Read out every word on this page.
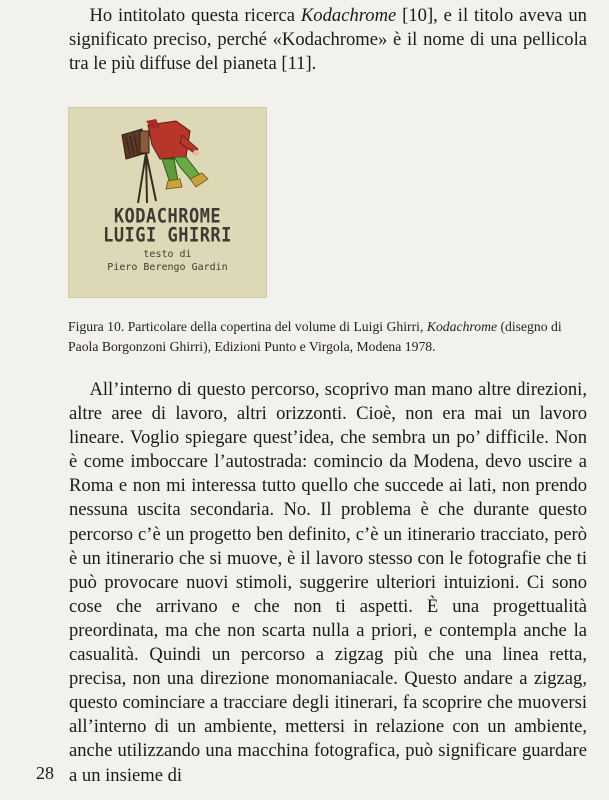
Ho intitolato questa ricerca Kodachrome [10], e il titolo aveva un significato preciso, perché «Kodachrome» è il nome di una pellicola tra le più diffuse del pianeta [11].

KODACHROME
LUIGI GHIRRI
testo di
Piero Berengo Gardin

Figura 10. Particolare della copertina del volume di Luigi Ghirri, Kodachrome (disegno di Paola Borgonzoni Ghirri), Edizioni Punto e Virgola, Modena 1978.

All’interno di questo percorso, scoprivo man mano altre direzioni, altre aree di lavoro, altri orizzonti. Cioè, non era mai un lavoro lineare. Voglio spiegare quest’idea, che sembra un po’ difficile. Non è come imboccare l’autostrada: comincio da Modena, devo uscire a Roma e non mi interessa tutto quello che succede ai lati, non prendo nessuna uscita secondaria. No. Il problema è che durante questo percorso c’è un progetto ben definito, c’è un itinerario tracciato, però è un itinerario che si muove, è il lavoro stesso con le fotografie che ti può provocare nuovi stimoli, suggerire ulteriori intuizioni. Ci sono cose che arrivano e che non ti aspetti. È una progettualità preordinata, ma che non scarta nulla a priori, e contempla anche la casualità. Quindi un percorso a zigzag più che una linea retta, precisa, non una direzione monomaniacale. Questo andare a zigzag, questo cominciare a tracciare degli itinerari, fa scoprire che muoversi all’interno di un ambiente, mettersi in relazione con un ambiente, anche utilizzando una macchina fotografica, può significare guardare a un insieme di

28
